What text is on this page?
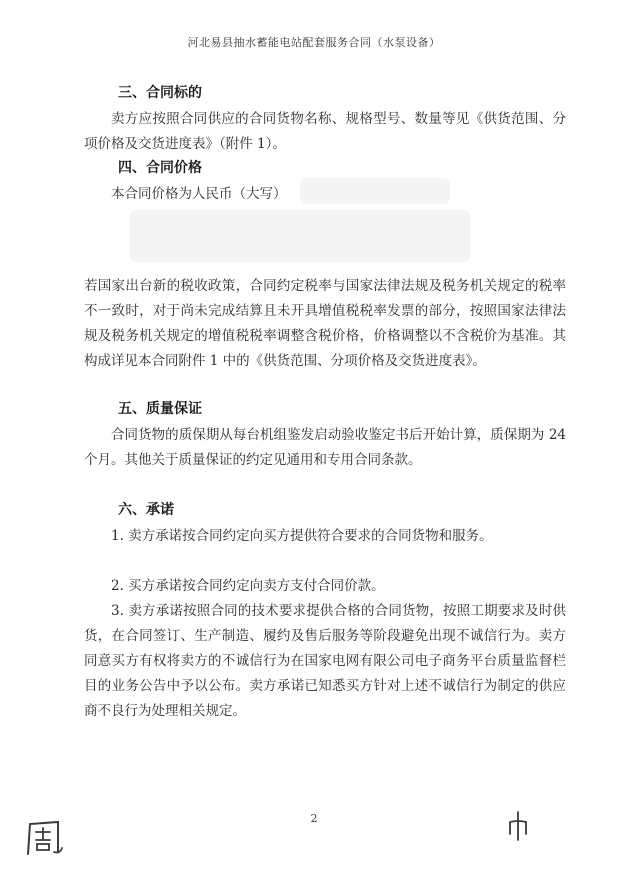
河北易县抽水蓄能电站配套服务合同（水泵设备）
三、合同标的
卖方应按照合同供应的合同货物名称、规格型号、数量等见《供货范围、分项价格及交货进度表》（附件 1）。
四、合同价格
本合同价格为人民币（大写）
若国家出台新的税收政策，合同约定税率与国家法律法规及税务机关规定的税率不一致时，对于尚未完成结算且未开具增值税税率发票的部分，按照国家法律法规及税务机关规定的增值税税率调整含税价格，价格调整以不含税价为基准。其构成详见本合同附件 1 中的《供货范围、分项价格及交货进度表》。
五、质量保证
合同货物的质保期从每台机组鉴发启动验收鉴定书后开始计算，质保期为 24 个月。其他关于质量保证的约定见通用和专用合同条款。
六、承诺
1. 卖方承诺按合同约定向买方提供符合要求的合同货物和服务。
2. 买方承诺按合同约定向卖方支付合同价款。
3. 卖方承诺按照合同的技术要求提供合格的合同货物，按照工期要求及时供货，在合同签订、生产制造、履约及售后服务等阶段避免出现不诚信行为。卖方同意买方有权将卖方的不诚信行为在国家电网有限公司电子商务平台质量监督栏目的业务公告中予以公布。卖方承诺已知悉买方针对上述不诚信行为制定的供应商不良行为处理相关规定。
2
